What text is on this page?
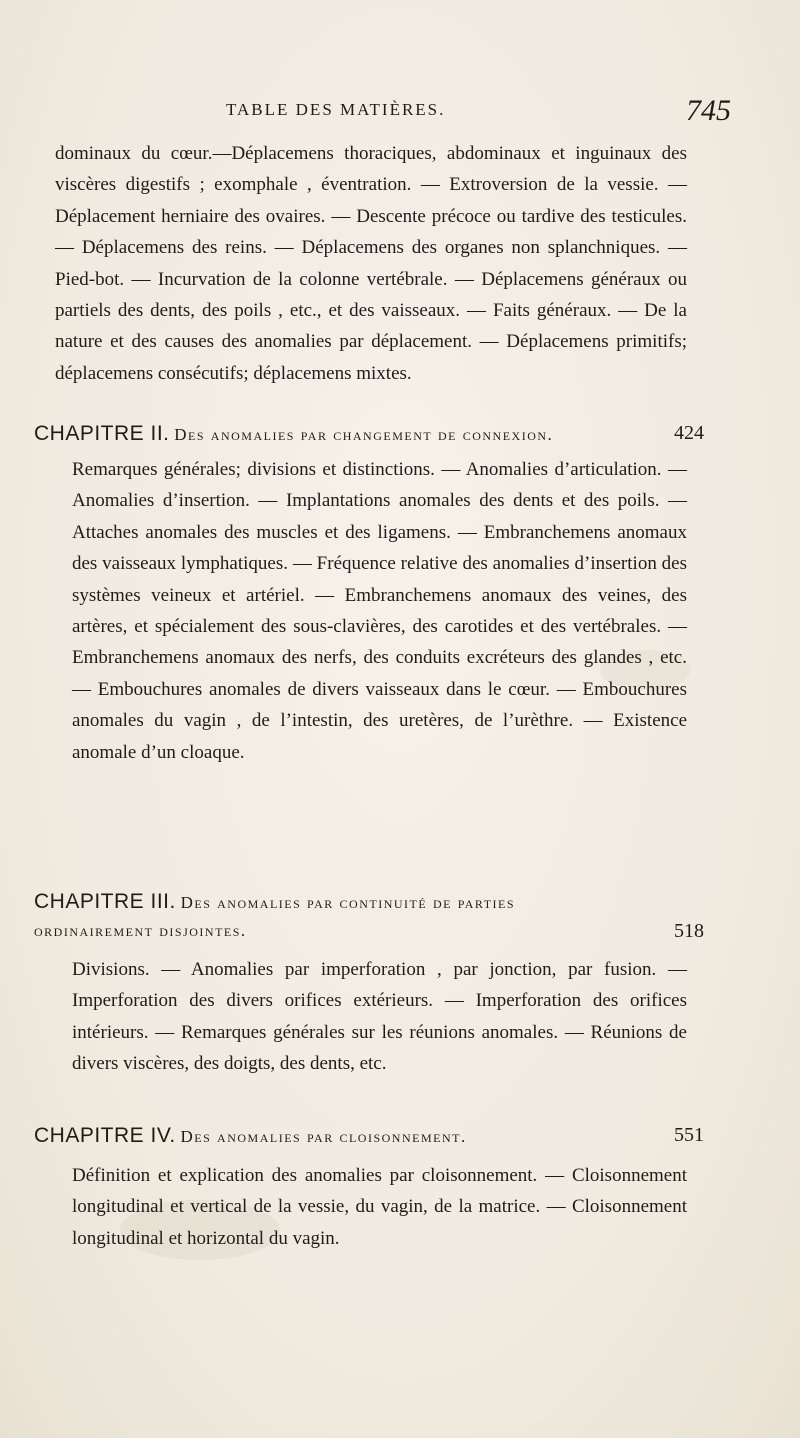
TABLE DES MATIÈRES.	745
dominaux du cœur.—Déplacemens thoraciques, abdominaux et inguinaux des viscères digestifs ; exomphale , éventration. — Extroversion de la vessie. — Déplacement herniaire des ovaires. — Descente précoce ou tardive des testicules. — Déplacemens des reins. — Déplacemens des organes non splanchniques. — Pied-bot. — Incurvation de la colonne vertébrale. — Déplacemens généraux ou partiels des dents, des poils , etc., et des vaisseaux. — Faits généraux. — De la nature et des causes des anomalies par déplacement. — Déplacemens primitifs; déplacemens consécutifs; déplacemens mixtes.
CHAPITRE II. Des anomalies par changement de connexion.	424
Remarques générales; divisions et distinctions. — Anomalies d’articulation. — Anomalies d’insertion. — Implantations anomales des dents et des poils. — Attaches anomales des muscles et des ligamens. — Embranchemens anomaux des vaisseaux lymphatiques. — Fréquence relative des anomalies d’insertion des systèmes veineux et artériel. — Embranchemens anomaux des veines, des artères, et spécialement des sous-clavières, des carotides et des vertébrales. — Embranchemens anomaux des nerfs, des conduits excréteurs des glandes , etc. — Embouchures anomales de divers vaisseaux dans le cœur. — Embouchures anomales du vagin , de l’intestin, des uretères, de l’urèthre. — Existence anomale d’un cloaque.
CHAPITRE III. Des anomalies par continuité de parties
ordinairement disjointes.	518
Divisions. — Anomalies par imperforation , par jonction, par fusion. — Imperforation des divers orifices extérieurs. — Imperforation des orifices intérieurs. — Remarques générales sur les réunions anomales. — Réunions de divers viscères, des doigts, des dents, etc.
CHAPITRE IV. Des anomalies par cloisonnement.	551
Définition et explication des anomalies par cloisonnement. — Cloisonnement longitudinal et vertical de la vessie, du vagin, de la matrice. — Cloisonnement longitudinal et horizontal du vagin.
